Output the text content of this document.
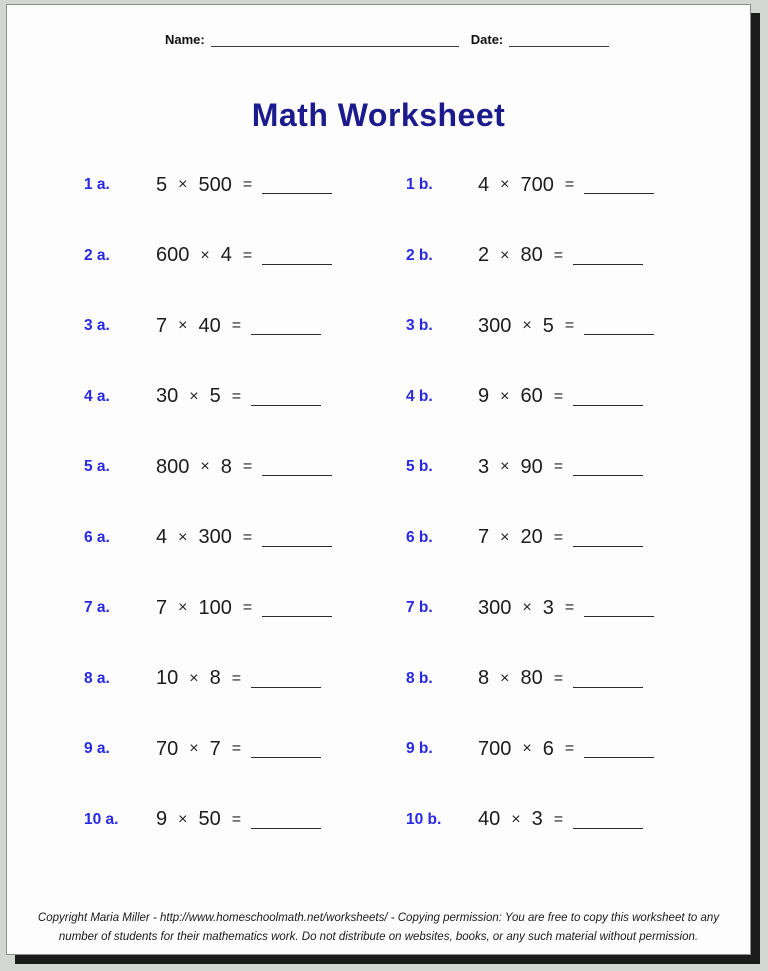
Name:	Date:
Math Worksheet
1 a.	5 × 500 =	1 b.	4 × 700 =
2 a.	600 × 4 =	2 b.	2 × 80 =
3 a.	7 × 40 =	3 b.	300 × 5 =
4 a.	30 × 5 =	4 b.	9 × 60 =
5 a.	800 × 8 =	5 b.	3 × 90 =
6 a.	4 × 300 =	6 b.	7 × 20 =
7 a.	7 × 100 =	7 b.	300 × 3 =
8 a.	10 × 8 =	8 b.	8 × 80 =
9 a.	70 × 7 =	9 b.	700 × 6 =
10 a.	9 × 50 =	10 b.	40 × 3 =
Copyright Maria Miller - http://www.homeschoolmath.net/worksheets/ - Copying permission: You are free to copy this worksheet to any
number of students for their mathematics work. Do not distribute on websites, books, or any such material without permission.
